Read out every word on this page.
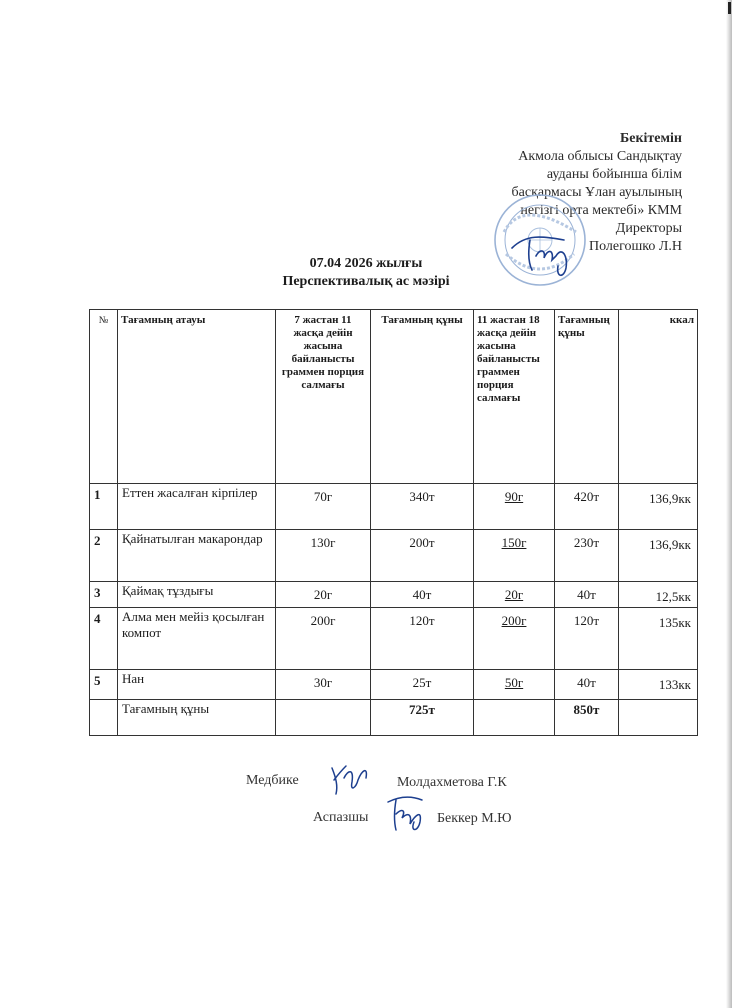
Бекітемін
Акмола облысы Сандықтау
ауданы бойынша білім
басқармасы Ұлан ауылының
негізгі орта мектебі» КММ
Директоры
Полегошко Л.Н
07.04 2026 жылғы
Перспективалық ас мәзірі
№	Тағамның атауы	7 жастан 11 жасқа дейін жасына байланысты граммен порция салмағы	Тағамның құны	11 жастан 18 жасқа дейін жасына байланысты граммен порция салмағы	Тағамның құны	ккал
1	Еттен жасалған кірпілер	70г	340т	90г	420т	136,9кк
2	Қайнатылған макарондар	130г	200т	150г	230т	136,9кк
3	Қаймақ тұздығы	20г	40т	20г	40т	12,5кк
4	Алма мен мейіз қосылған компот	200г	120т	200г	120т	135кк
5	Нан	30г	25т	50г	40т	133кк
	Тағамның құны		725т		850т	
Медбике	Молдахметова Г.К
Аспазшы	Беккер М.Ю
